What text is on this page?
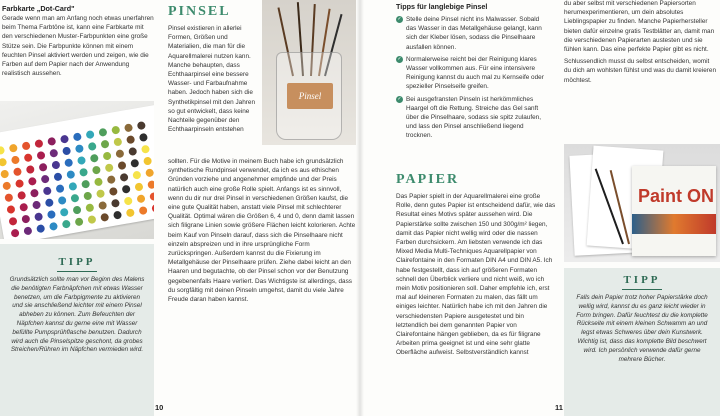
Farbkarte „Dot-Card"
Gerade wenn man am Anfang noch etwas unerfahren beim Thema Farbtöne ist, kann eine Farbkarte mit den verschiedenen Muster-Farbpunkten eine große Stütze sein. Die Farbpunkte können mit einem feuchten Pinsel aktiviert werden und zeigen, wie die Farben auf dem Papier nach der Anwendung realistisch aussehen.
TIPP
Grundsätzlich sollte man vor Beginn des Malens die benötigten Farbnäpfchen mit etwas Wasser benetzen, um die Farbpigmente zu aktivieren und sie anschließend leichter mit einem Pinsel abheben zu können. Zum Befeuchten der Näpfchen kannst du gerne eine mit Wasser befüllte Pumpsprühflasche benutzen. Dadurch wird auch die Pinselspitze geschont, da grobes Streichen/Rühren im Näpfchen vermieden wird.
PINSEL
Pinsel existieren in allerlei Formen, Größen und Materialien, die man für die Aquarellmalerei nutzen kann. Manche behaupten, dass Echthaarpinsel eine bessere Wasser- und Farbaufnahme haben. Jedoch haben sich die Synthetikpinsel mit den Jahren so gut entwickelt, dass keine Nachteile gegenüber den Echthaarpinseln entstehen
Pinsel
sollten. Für die Motive in meinem Buch habe ich grundsätzlich synthetische Rundpinsel verwendet, da ich es aus ethischen Gründen vorziehe und angenehmer empfinde und der Preis natürlich auch eine große Rolle spielt. Anfangs ist es sinnvoll, wenn du dir nur drei Pinsel in verschiedenen Größen kaufst, die eine gute Qualität haben, anstatt viele Pinsel mit schlechterer Qualität. Optimal wären die Größen 6, 4 und 0, denn damit lassen sich filigrane Linien sowie größere Flächen leicht kolorieren. Achte beim Kauf von Pinseln darauf, dass sich die Pinselhaare nicht einzeln abspreizen und in ihre ursprüngliche Form zurückspringen. Außerdem kannst du die Fixierung im Metallgehäuse der Pinselhaare prüfen. Ziehe dabei leicht an den Haaren und begutachte, ob der Pinsel schon vor der Benutzung gegebenenfalls Haare verliert. Das Wichtigste ist allerdings, dass du sorgfältig mit deinen Pinseln umgehst, damit du viele Jahre Freude daran haben kannst.
10
Tipps für langlebige Pinsel
✓ Stelle deine Pinsel nicht ins Malwasser. Sobald das Wasser in das Metallgehäuse gelangt, kann sich der Kleber lösen, sodass die Pinselhaare ausfallen können.
✓ Normalerweise reicht bei der Reinigung klares Wasser vollkommen aus. Für eine intensivere Reinigung kannst du auch mal zu Kernseife oder spezieller Pinselseife greifen.
✓ Bei ausgefransten Pinseln ist herkömmliches Haargel oft die Rettung. Streiche das Gel sanft über die Pinselhaare, sodass sie spitz zulaufen, und lass den Pinsel anschließend liegend trocknen.
PAPIER
Das Papier spielt in der Aquarellmalerei eine große Rolle, denn gutes Papier ist entscheidend dafür, wie das Resultat eines Motivs später aussehen wird. Die Papierstärke sollte zwischen 150 und 300g/m² liegen, damit das Papier nicht wellig wird oder die nassen Farben durchsickern. Am liebsten verwende ich das Mixed Media Multi-Techniques Aquarellpapier von Clairefontaine in den Formaten DIN A4 und DIN A5. Ich habe festgestellt, dass ich auf größeren Formaten schnell den Überblick verliere und nicht weiß, wo ich mein Motiv positionieren soll. Daher empfehle ich, erst mal auf kleineren Formaten zu malen, das fällt um einiges leichter. Natürlich habe ich mit den Jahren die verschiedensten Papiere ausgetestet und bin letztendlich bei dem genannten Papier von Clairefontaine hängen geblieben, da es für filigrane Arbeiten prima geeignet ist und eine sehr glatte Oberfläche aufweist. Selbstverständlich kannst
du aber selbst mit verschiedenen Papiersorten herumexperimentieren, um dein absolutes Lieblingspapier zu finden. Manche Papierhersteller bieten dafür einzelne gratis Testblätter an, damit man die verschiedenen Papierarten austesten und sie fühlen kann. Das eine perfekte Papier gibt es nicht.
Schlussendlich musst du selbst entscheiden, womit du dich am wohlsten fühlst und was du damit kreieren möchtest.
Paint ON
TIPP
Falls dein Papier trotz hoher Papierstärke doch wellig wird, kannst du es ganz leicht wieder in Form bringen. Dafür feuchtest du die komplette Rückseite mit einem kleinen Schwamm an und legst etwas Schweres über dein Kunstwerk. Wichtig ist, dass das komplette Bild beschwert wird. Ich persönlich verwende dafür gerne mehrere Bücher.
11
